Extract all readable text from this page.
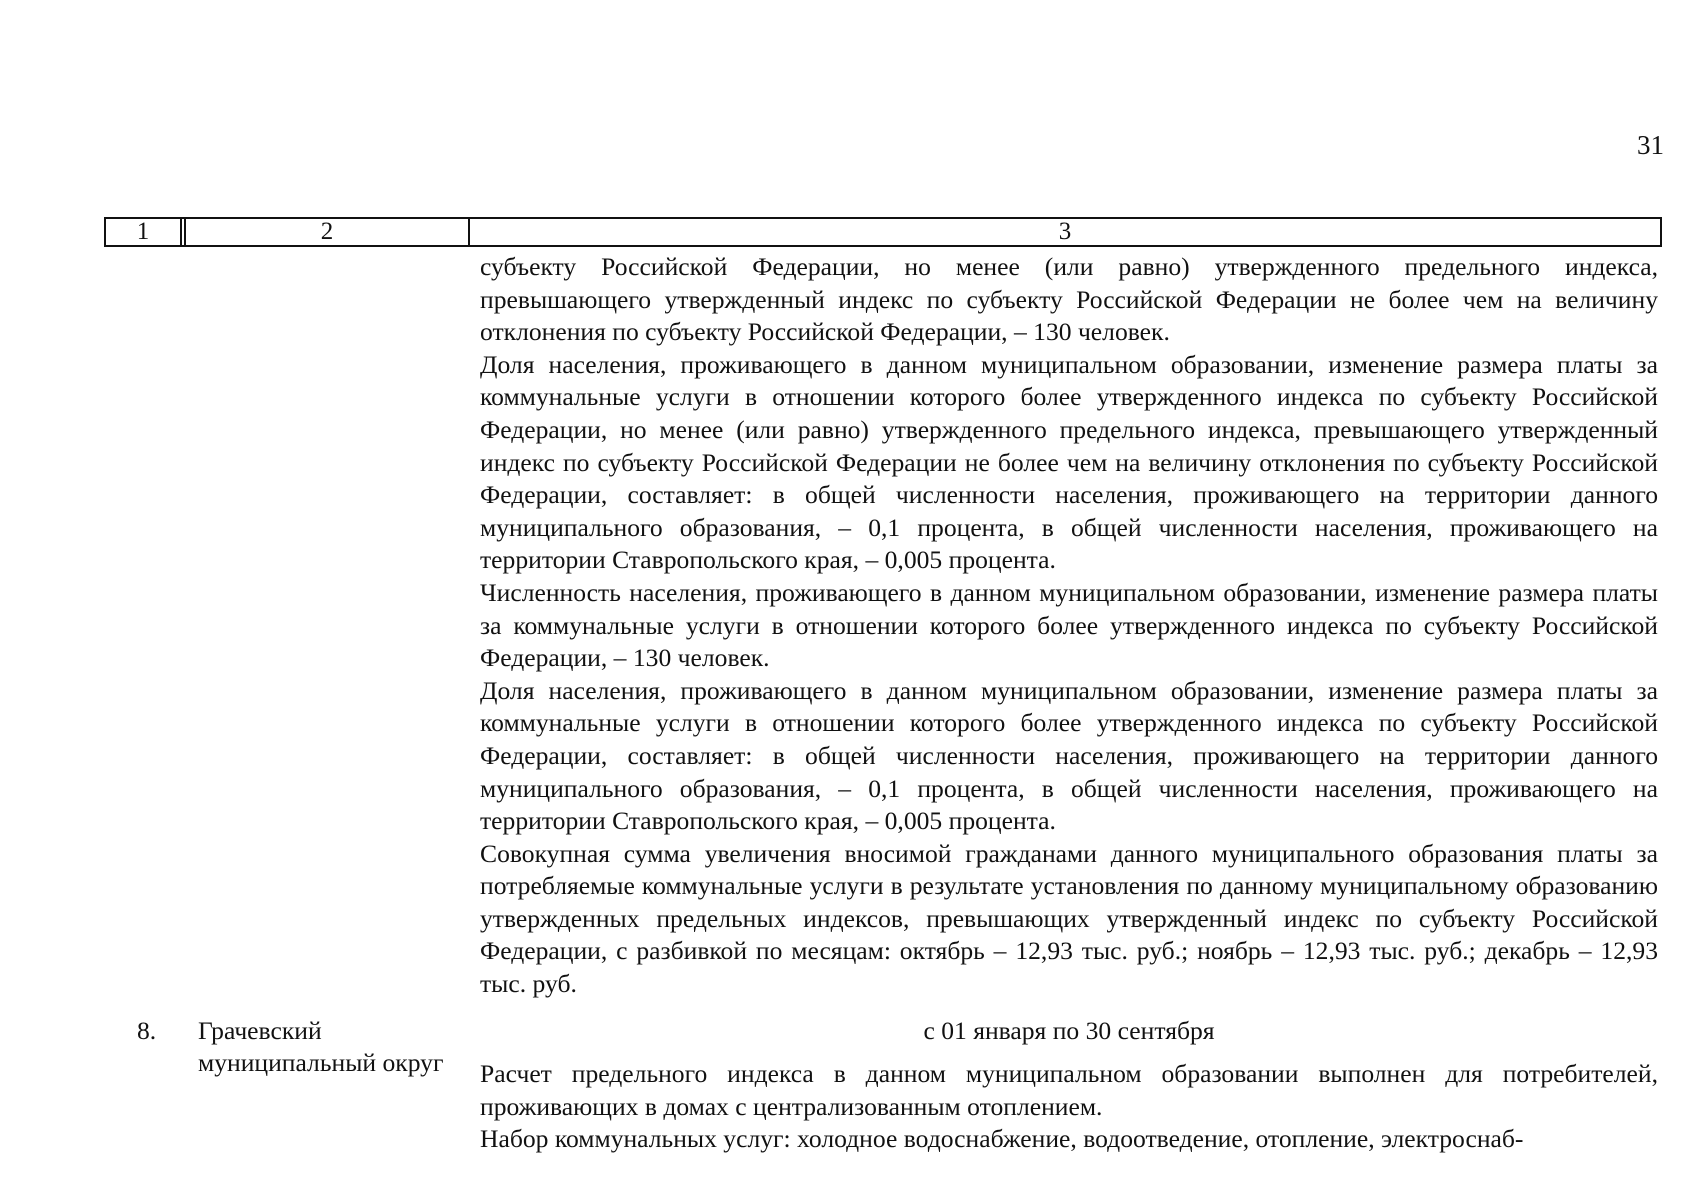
31
1	2	3

субъекту Российской Федерации, но менее (или равно) утвержденного предельного индекса, превышающего утвержденный индекс по субъекту Российской Федерации не более чем на величину отклонения по субъекту Российской Федерации, – 130 человек.

Доля населения, проживающего в данном муниципальном образовании, изменение размера платы за коммунальные услуги в отношении которого более утвержденного индекса по субъекту Российской Федерации, но менее (или равно) утвержденного предельного индекса, превышающего утвержденный индекс по субъекту Российской Федерации не более чем на величину отклонения по субъекту Российской Федерации, составляет: в общей численности населения, проживающего на территории данного муниципального образования, – 0,1 процента, в общей численности населения, проживающего на территории Ставропольского края, – 0,005 процента.

Численность населения, проживающего в данном муниципальном образовании, изменение размера платы за коммунальные услуги в отношении которого более утвержденного индекса по субъекту Российской Федерации, – 130 человек.

Доля населения, проживающего в данном муниципальном образовании, изменение размера платы за коммунальные услуги в отношении которого более утвержденного индекса по субъекту Российской Федерации, составляет: в общей численности населения, проживающего на территории данного муниципального образования, – 0,1 процента, в общей численности населения, проживающего на территории Ставропольского края, – 0,005 процента.

Совокупная сумма увеличения вносимой гражданами данного муниципального образования платы за потребляемые коммунальные услуги в результате установления по данному муниципальному образованию утвержденных предельных индексов, превышающих утвержденный индекс по субъекту Российской Федерации, с разбивкой по месяцам: октябрь – 12,93 тыс. руб.; ноябрь – 12,93 тыс. руб.; декабрь – 12,93 тыс. руб.

8. Грачевский муниципальный округ
с 01 января по 30 сентября

Расчет предельного индекса в данном муниципальном образовании выполнен для потребителей, проживающих в домах с централизованным отоплением.

Набор коммунальных услуг: холодное водоснабжение, водоотведение, отопление, электроснаб-
